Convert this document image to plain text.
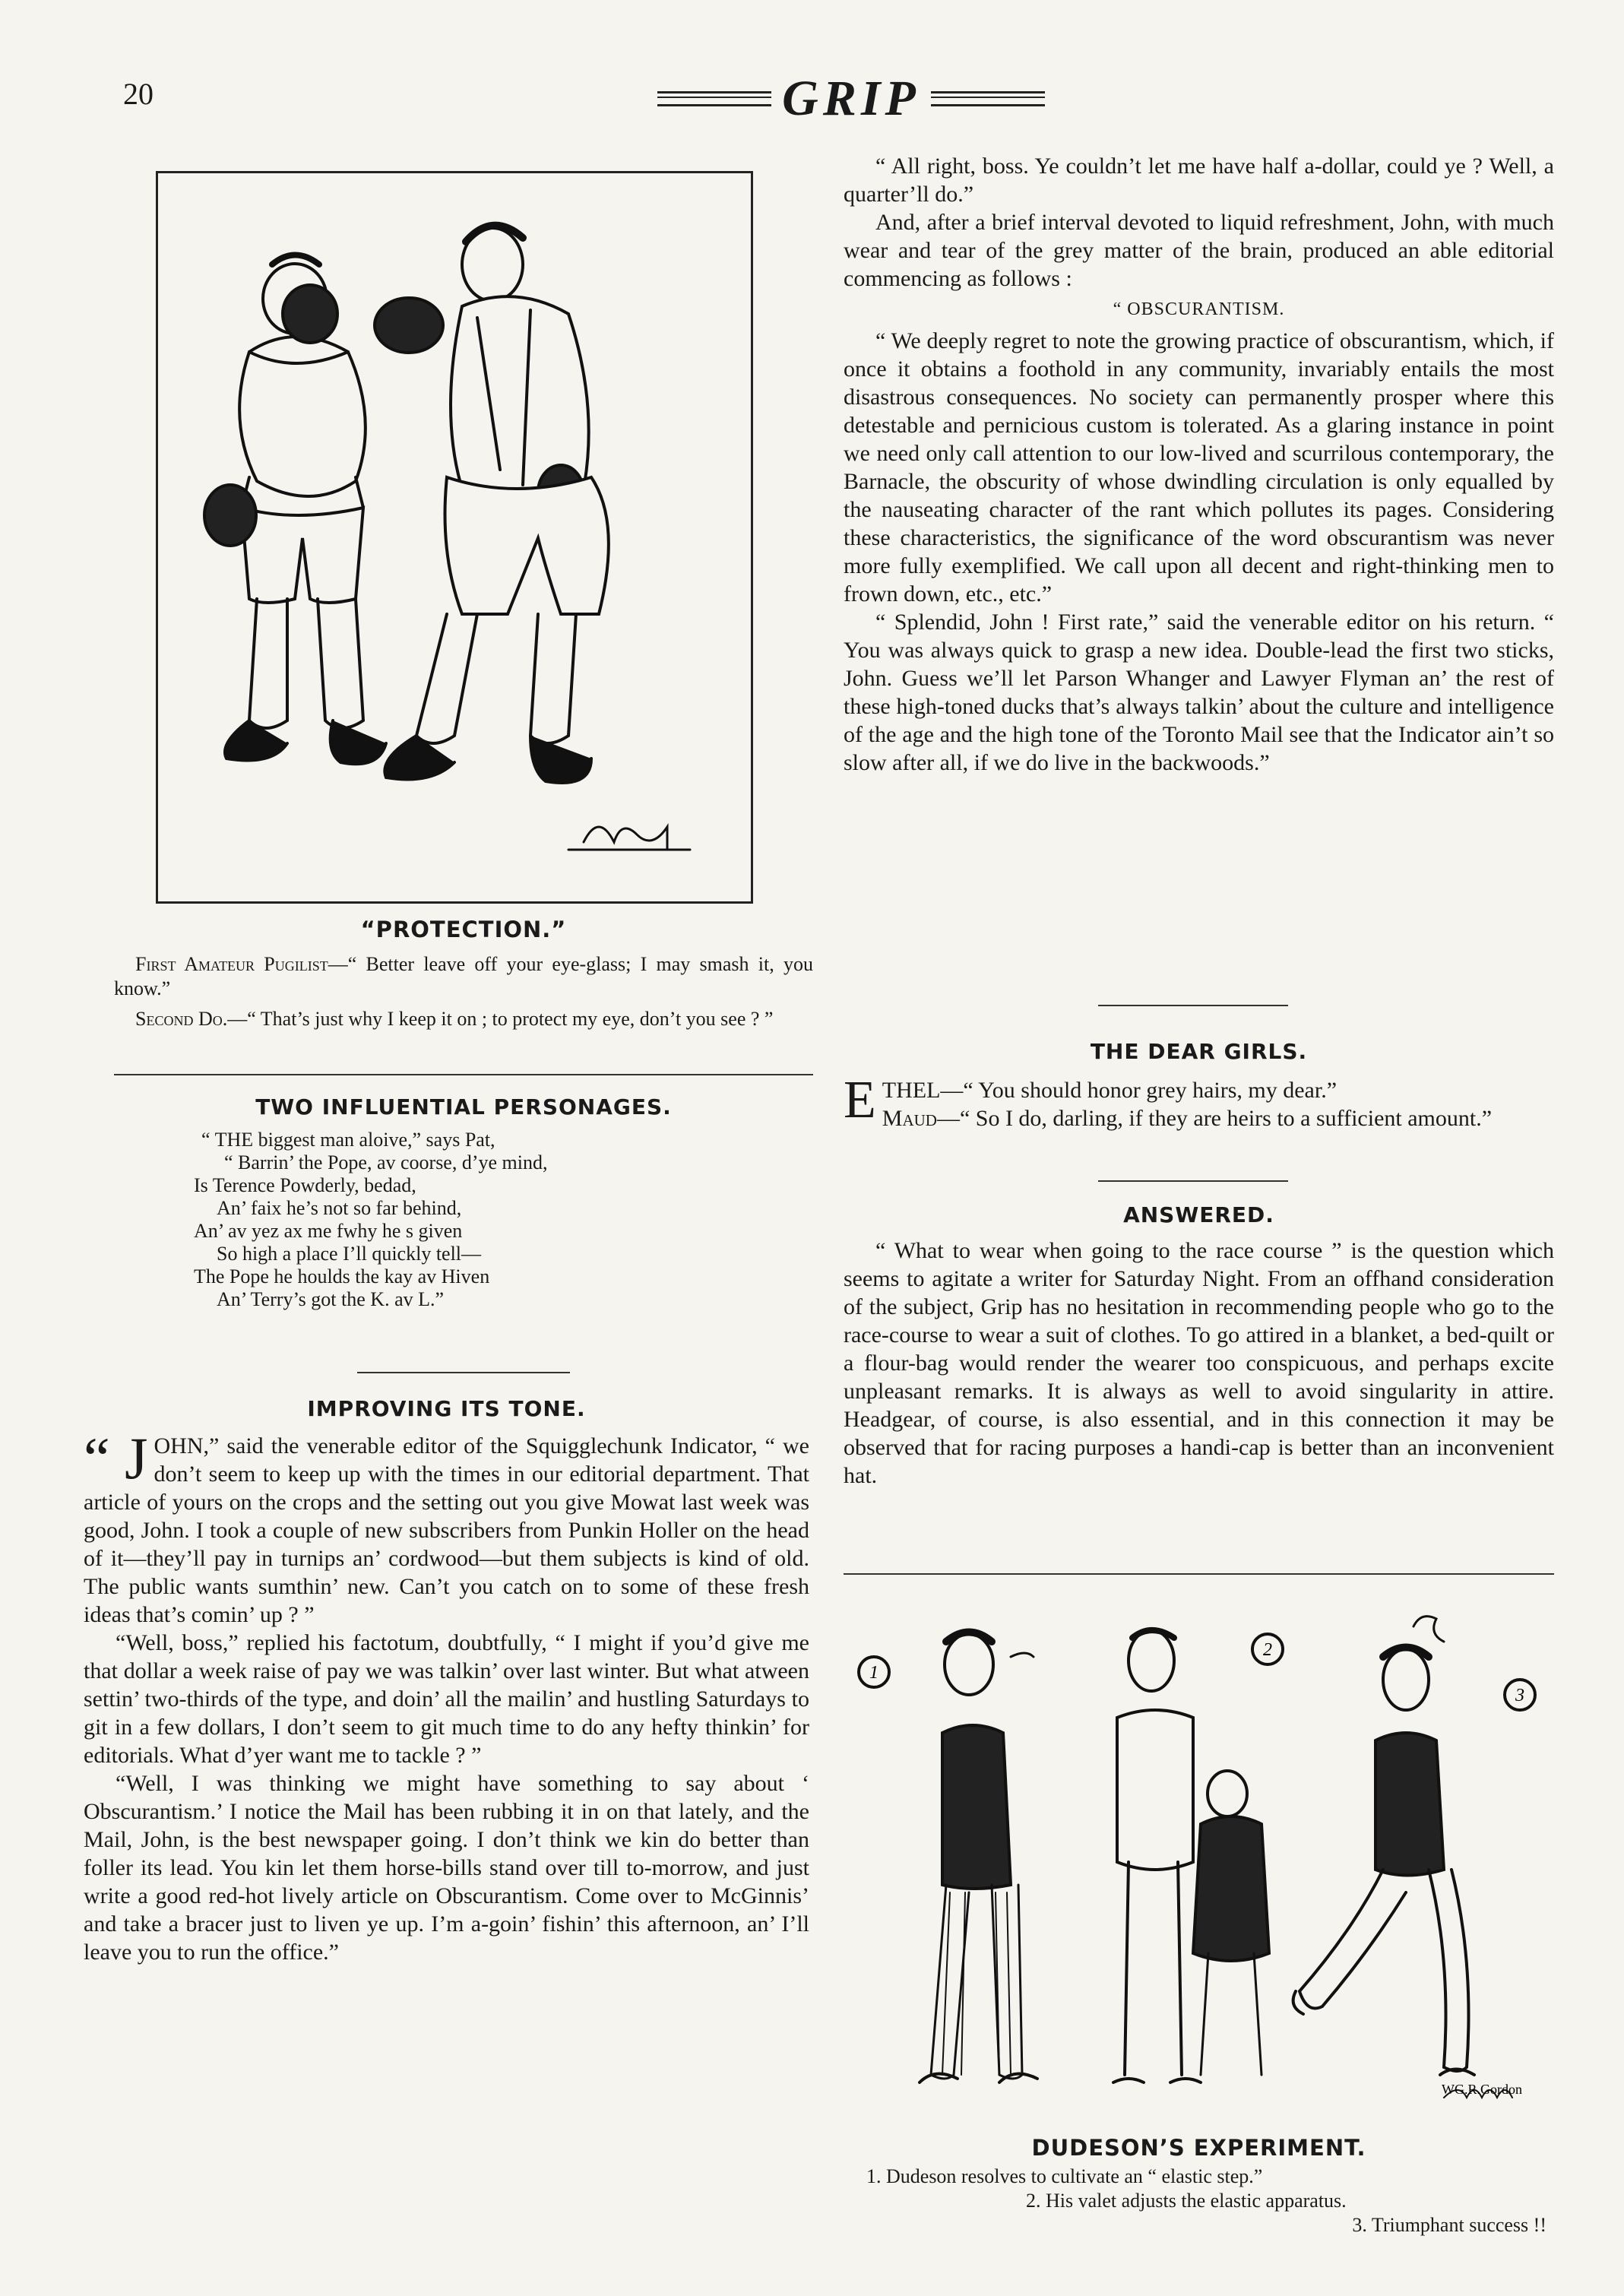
20	GRIP
“PROTECTION.”
First Amateur Pugilist—“ Better leave off your eye-glass; I may smash it, you know.”
Second Do.—“ That’s just why I keep it on ; to protect my eye, don’t you see ? ”
TWO INFLUENTIAL PERSONAGES.
“ THE biggest man aloive,” says Pat,
“ Barrin’ the Pope, av coorse, d’ye mind,
Is Terence Powderly, bedad,
An’ faix he’s not so far behind,
An’ av yez ax me fwhy he s given
So high a place I’ll quickly tell—
The Pope he houlds the kay av Hiven
An’ Terry’s got the K. av L.”
IMPROVING ITS TONE.

“ J OHN,” said the venerable editor of the Squigglechunk Indicator, “ we don’t seem to keep up with the times in our editorial department. That article of yours on the crops and the setting out you give Mowat last week was good, John. I took a couple of new subscribers from Punkin Holler on the head of it—they’ll pay in turnips an’ cordwood—but them subjects is kind of old. The public wants sumthin’ new. Can’t you catch on to some of these fresh ideas that’s comin’ up ? ”

“Well, boss,” replied his factotum, doubtfully, “ I might if you’d give me that dollar a week raise of pay we was talkin’ over last winter. But what atween settin’ two-thirds of the type, and doin’ all the mailin’ and hustling Saturdays to git in a few dollars, I don’t seem to git much time to do any hefty thinkin’ for editorials. What d’yer want me to tackle ? ”

“Well, I was thinking we might have something to say about ‘ Obscurantism.’ I notice the Mail has been rubbing it in on that lately, and the Mail, John, is the best newspaper going. I don’t think we kin do better than foller its lead. You kin let them horse-bills stand over till to-morrow, and just write a good red-hot lively article on Obscurantism. Come over to McGinnis’ and take a bracer just to liven ye up. I’m a-goin’ fishin’ this afternoon, an’ I’ll leave you to run the office.”

“ All right, boss. Ye couldn’t let me have half a-dollar, could ye ? Well, a quarter’ll do.”

And, after a brief interval devoted to liquid refreshment, John, with much wear and tear of the grey matter of the brain, produced an able editorial commencing as follows :

“ OBSCURANTISM.

“ We deeply regret to note the growing practice of obscurantism, which, if once it obtains a foothold in any community, invariably entails the most disastrous consequences. No society can permanently prosper where this detestable and pernicious custom is tolerated. As a glaring instance in point we need only call attention to our low-lived and scurrilous contemporary, the Barnacle, the obscurity of whose dwindling circulation is only equalled by the nauseating character of the rant which pollutes its pages. Considering these characteristics, the significance of the word obscurantism was never more fully exemplified. We call upon all decent and right-thinking men to frown down, etc., etc.”

“ Splendid, John ! First rate,” said the venerable editor on his return. “ You was always quick to grasp a new idea. Double-lead the first two sticks, John. Guess we’ll let Parson Whanger and Lawyer Flyman an’ the rest of these high-toned ducks that’s always talkin’ about the culture and intelligence of the age and the high tone of the Toronto Mail see that the Indicator ain’t so slow after all, if we do live in the backwoods.”

THE DEAR GIRLS.

ETHEL—“ You should honor grey hairs, my dear.”
Maud—“ So I do, darling, if they are heirs to a sufficient amount.”

ANSWERED.

“ What to wear when going to the race course ” is the question which seems to agitate a writer for Saturday Night. From an offhand consideration of the subject, Grip has no hesitation in recommending people who go to the race-course to wear a suit of clothes. To go attired in a blanket, a bed-quilt or a flour-bag would render the wearer too conspicuous, and perhaps excite unpleasant remarks. It is always as well to avoid singularity in attire. Headgear, of course, is also essential, and in this connection it may be observed that for racing purposes a handi-cap is better than an inconvenient hat.

1
2
3
WG.R.Gordon
DUDESON’S EXPERIMENT.
1. Dudeson resolves to cultivate an “ elastic step.”
2. His valet adjusts the elastic apparatus.
3. Triumphant success !!
